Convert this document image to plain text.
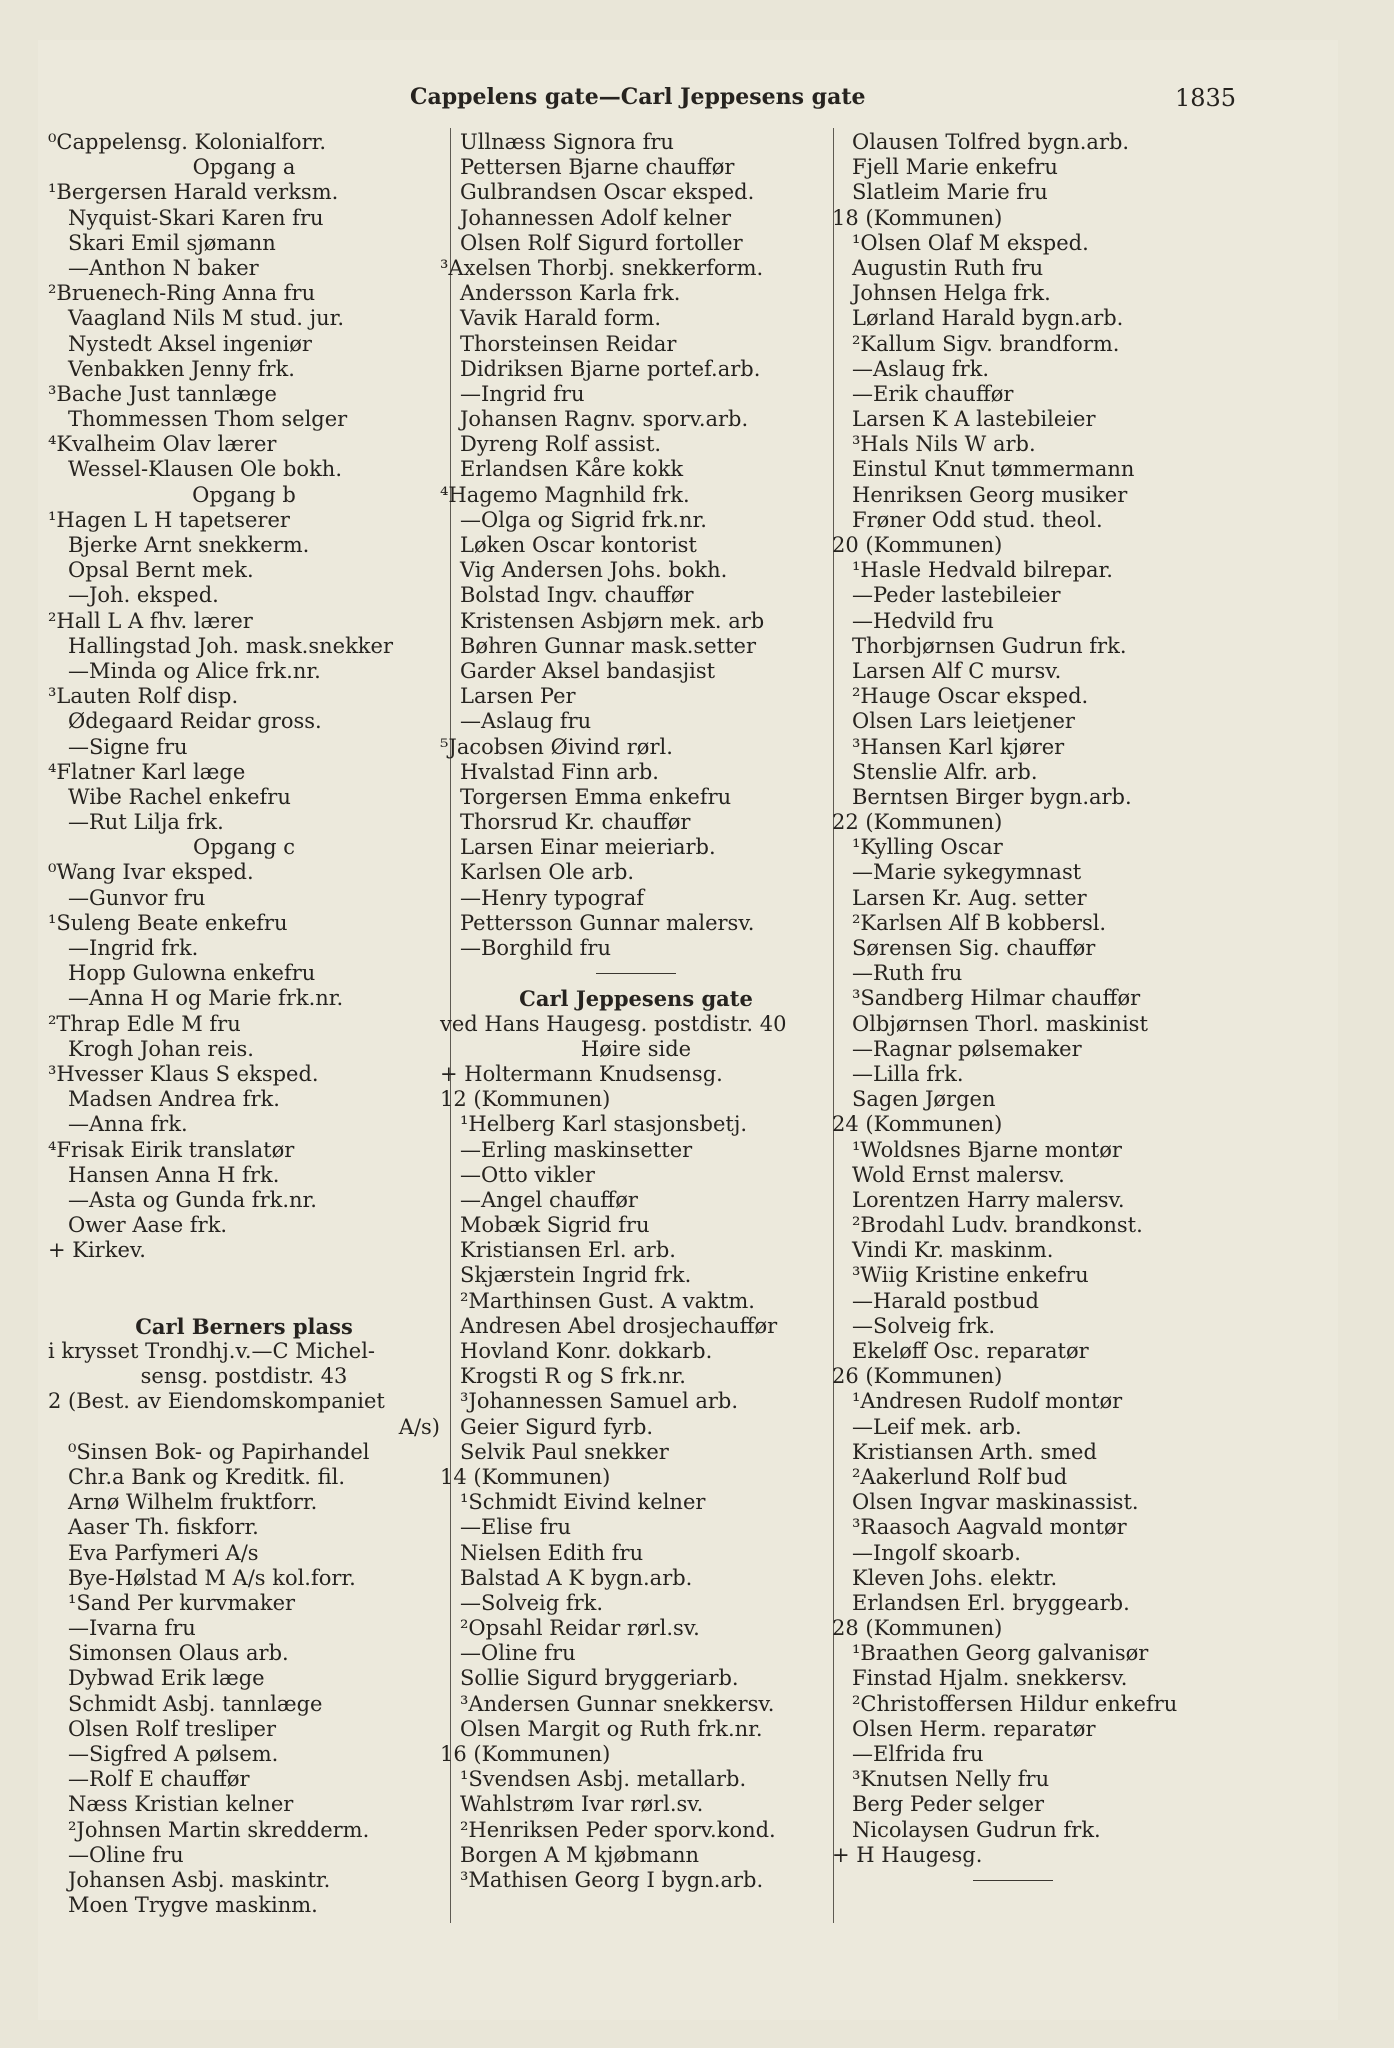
Cappelens gate—Carl Jeppesens gate	1835
⁰Cappelensg. Kolonialforr.
Opgang a
¹Bergersen Harald verksm.
Nyquist-Skari Karen fru
Skari Emil sjømann
—Anthon N baker
²Bruenech-Ring Anna fru
Vaagland Nils M stud. jur.
Nystedt Aksel ingeniør
Venbakken Jenny frk.
³Bache Just tannlæge
Thommessen Thom selger
⁴Kvalheim Olav lærer
Wessel-Klausen Ole bokh.
Opgang b
¹Hagen L H tapetserer
Bjerke Arnt snekkerm.
Opsal Bernt mek.
—Joh. eksped.
²Hall L A fhv. lærer
Hallingstad Joh. mask.snekker
—Minda og Alice frk.nr.
³Lauten Rolf disp.
Ødegaard Reidar gross.
—Signe fru
⁴Flatner Karl læge
Wibe Rachel enkefru
—Rut Lilja frk.
Opgang c
⁰Wang Ivar eksped.
—Gunvor fru
¹Suleng Beate enkefru
—Ingrid frk.
Hopp Gulowna enkefru
—Anna H og Marie frk.nr.
²Thrap Edle M fru
Krogh Johan reis.
³Hvesser Klaus S eksped.
Madsen Andrea frk.
—Anna frk.
⁴Frisak Eirik translatør
Hansen Anna H frk.
—Asta og Gunda frk.nr.
Ower Aase frk.
+ Kirkev.
Carl Berners plass
i krysset Trondhj.v.—C Michel-
sensg. postdistr. 43
2 (Best. av Eiendomskompaniet
A/s)
⁰Sinsen Bok- og Papirhandel
Chr.a Bank og Kreditk. fil.
Arnø Wilhelm fruktforr.
Aaser Th. fiskforr.
Eva Parfymeri A/s
Bye-Hølstad M A/s kol.forr.
¹Sand Per kurvmaker
—Ivarna fru
Simonsen Olaus arb.
Dybwad Erik læge
Schmidt Asbj. tannlæge
Olsen Rolf tresliper
—Sigfred A pølsem.
—Rolf E chauffør
Næss Kristian kelner
²Johnsen Martin skredderm.
—Oline fru
Johansen Asbj. maskintr.
Moen Trygve maskinm.
Ullnæss Signora fru
Pettersen Bjarne chauffør
Gulbrandsen Oscar eksped.
Johannessen Adolf kelner
Olsen Rolf Sigurd fortoller
³Axelsen Thorbj. snekkerform.
Andersson Karla frk.
Vavik Harald form.
Thorsteinsen Reidar
Didriksen Bjarne portef.arb.
—Ingrid fru
Johansen Ragnv. sporv.arb.
Dyreng Rolf assist.
Erlandsen Kåre kokk
⁴Hagemo Magnhild frk.
—Olga og Sigrid frk.nr.
Løken Oscar kontorist
Vig Andersen Johs. bokh.
Bolstad Ingv. chauffør
Kristensen Asbjørn mek. arb
Bøhren Gunnar mask.setter
Garder Aksel bandasjist
Larsen Per
—Aslaug fru
⁵Jacobsen Øivind rørl.
Hvalstad Finn arb.
Torgersen Emma enkefru
Thorsrud Kr. chauffør
Larsen Einar meieriarb.
Karlsen Ole arb.
—Henry typograf
Pettersson Gunnar malersv.
—Borghild fru
Carl Jeppesens gate
ved Hans Haugesg. postdistr. 40
Høire side
+ Holtermann Knudsensg.
12 (Kommunen)
¹Helberg Karl stasjonsbetj.
—Erling maskinsetter
—Otto vikler
—Angel chauffør
Mobæk Sigrid fru
Kristiansen Erl. arb.
Skjærstein Ingrid frk.
²Marthinsen Gust. A vaktm.
Andresen Abel drosjechauffør
Hovland Konr. dokkarb.
Krogsti R og S frk.nr.
³Johannessen Samuel arb.
Geier Sigurd fyrb.
Selvik Paul snekker
14 (Kommunen)
¹Schmidt Eivind kelner
—Elise fru
Nielsen Edith fru
Balstad A K bygn.arb.
—Solveig frk.
²Opsahl Reidar rørl.sv.
—Oline fru
Sollie Sigurd bryggeriarb.
³Andersen Gunnar snekkersv.
Olsen Margit og Ruth frk.nr.
16 (Kommunen)
¹Svendsen Asbj. metallarb.
Wahlstrøm Ivar rørl.sv.
²Henriksen Peder sporv.kond.
Borgen A M kjøbmann
³Mathisen Georg I bygn.arb.
Olausen Tolfred bygn.arb.
Fjell Marie enkefru
Slatleim Marie fru
18 (Kommunen)
¹Olsen Olaf M eksped.
Augustin Ruth fru
Johnsen Helga frk.
Lørland Harald bygn.arb.
²Kallum Sigv. brandform.
—Aslaug frk.
—Erik chauffør
Larsen K A lastebileier
³Hals Nils W arb.
Einstul Knut tømmermann
Henriksen Georg musiker
Frøner Odd stud. theol.
20 (Kommunen)
¹Hasle Hedvald bilrepar.
—Peder lastebileier
—Hedvild fru
Thorbjørnsen Gudrun frk.
Larsen Alf C mursv.
²Hauge Oscar eksped.
Olsen Lars leietjener
³Hansen Karl kjører
Stenslie Alfr. arb.
Berntsen Birger bygn.arb.
22 (Kommunen)
¹Kylling Oscar
—Marie sykegymnast
Larsen Kr. Aug. setter
²Karlsen Alf B kobbersl.
Sørensen Sig. chauffør
—Ruth fru
³Sandberg Hilmar chauffør
Olbjørnsen Thorl. maskinist
—Ragnar pølsemaker
—Lilla frk.
Sagen Jørgen
24 (Kommunen)
¹Woldsnes Bjarne montør
Wold Ernst malersv.
Lorentzen Harry malersv.
²Brodahl Ludv. brandkonst.
Vindi Kr. maskinm.
³Wiig Kristine enkefru
—Harald postbud
—Solveig frk.
Ekeløff Osc. reparatør
26 (Kommunen)
¹Andresen Rudolf montør
—Leif mek. arb.
Kristiansen Arth. smed
²Aakerlund Rolf bud
Olsen Ingvar maskinassist.
³Raasoch Aagvald montør
—Ingolf skoarb.
Kleven Johs. elektr.
Erlandsen Erl. bryggearb.
28 (Kommunen)
¹Braathen Georg galvanisør
Finstad Hjalm. snekkersv.
²Christoffersen Hildur enkefru
Olsen Herm. reparatør
—Elfrida fru
³Knutsen Nelly fru
Berg Peder selger
Nicolaysen Gudrun frk.
+ H Haugesg.
